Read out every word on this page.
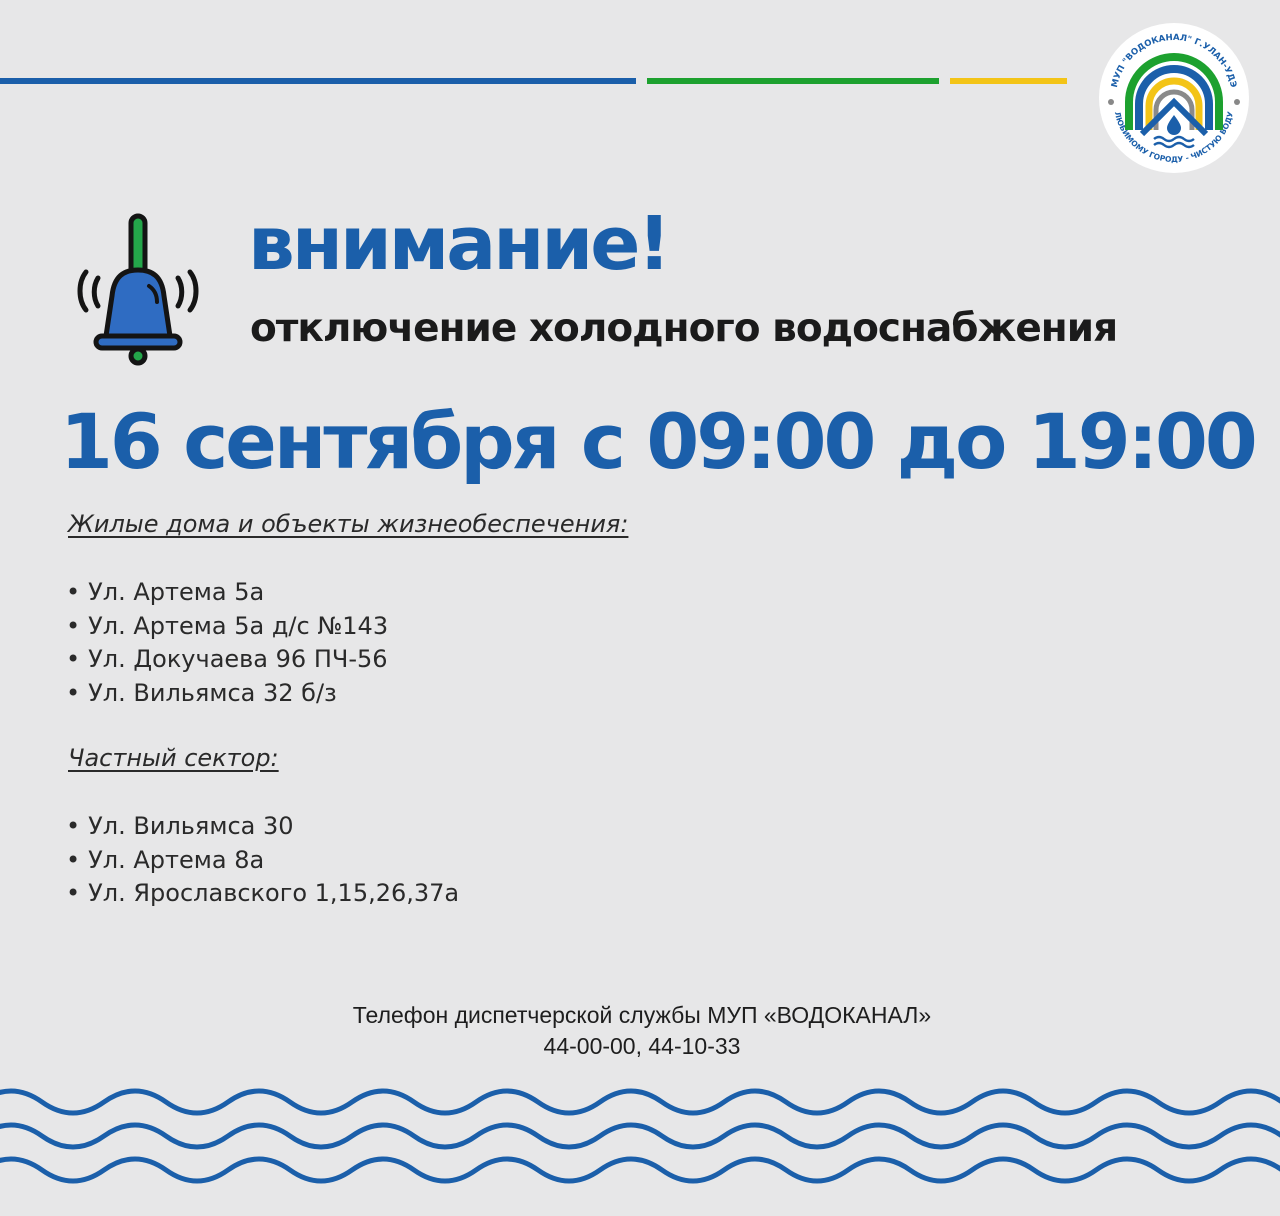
МУП "ВОДОКАНАЛ" Г.УЛАН-УДЭ
ЛЮБИМОМУ ГОРОДУ - ЧИСТУЮ ВОДУ
внимание!
отключение холодного водоснабжения
16 сентября с 09:00 до 19:00
Жилые дома и объекты жизнеобеспечения:
• Ул. Артема 5а
• Ул. Артема 5а д/с №143
• Ул. Докучаева 96 ПЧ-56
• Ул. Вильямса 32 б/з
Частный сектор:
• Ул. Вильямса 30
• Ул. Артема 8а
• Ул. Ярославского 1,15,26,37а
Телефон диспетчерской службы МУП «ВОДОКАНАЛ»
44-00-00, 44-10-33
